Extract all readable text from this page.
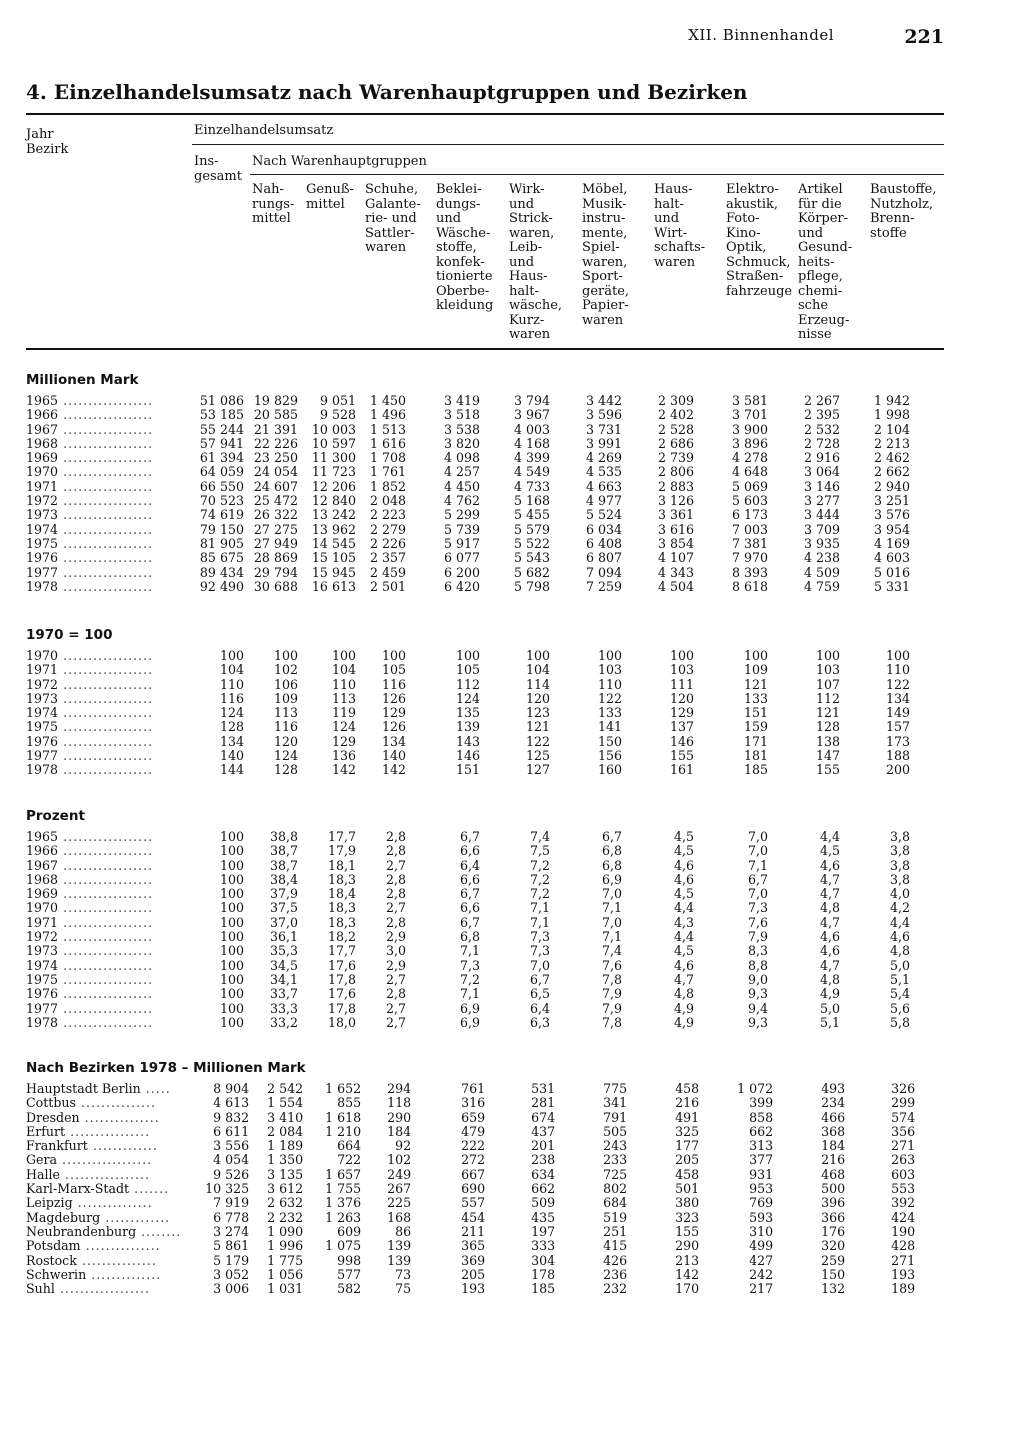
XII. Binnenhandel	221
4. Einzelhandelsumsatz nach Warenhauptgruppen und Bezirken
Jahr
Bezirk
Einzelhandelsumsatz
Ins-
gesamt
Nach Warenhauptgruppen
Nah-
rungs-
mittel
Genuß-
mittel
Schuhe,
Galante-
rie- und
Sattler-
waren
Beklei-
dungs-
und
Wäsche-
stoffe,
konfek-
tionierte
Oberbe-
kleidung
Wirk-
und
Strick-
waren,
Leib-
und
Haus-
halt-
wäsche,
Kurz-
waren
Möbel,
Musik-
instru-
mente,
Spiel-
waren,
Sport-
geräte,
Papier-
waren
Haus-
halt-
und
Wirt-
schafts-
waren
Elektro-
akustik,
Foto-
Kino-
Optik,
Schmuck,
Straßen-
fahrzeuge
Artikel
für die
Körper-
und
Gesund-
heits-
pflege,
chemi-
sche
Erzeug-
nisse
Baustoffe,
Nutzholz,
Brenn-
stoffe
Millionen Mark
1965 ..................	51 086	19 829	9 051	1 450	3 419	3 794	3 442	2 309	3 581	2 267	1 942
1966 ..................	53 185	20 585	9 528	1 496	3 518	3 967	3 596	2 402	3 701	2 395	1 998
1967 ..................	55 244	21 391	10 003	1 513	3 538	4 003	3 731	2 528	3 900	2 532	2 104
1968 ..................	57 941	22 226	10 597	1 616	3 820	4 168	3 991	2 686	3 896	2 728	2 213
1969 ..................	61 394	23 250	11 300	1 708	4 098	4 399	4 269	2 739	4 278	2 916	2 462
1970 ..................	64 059	24 054	11 723	1 761	4 257	4 549	4 535	2 806	4 648	3 064	2 662
1971 ..................	66 550	24 607	12 206	1 852	4 450	4 733	4 663	2 883	5 069	3 146	2 940
1972 ..................	70 523	25 472	12 840	2 048	4 762	5 168	4 977	3 126	5 603	3 277	3 251
1973 ..................	74 619	26 322	13 242	2 223	5 299	5 455	5 524	3 361	6 173	3 444	3 576
1974 ..................	79 150	27 275	13 962	2 279	5 739	5 579	6 034	3 616	7 003	3 709	3 954
1975 ..................	81 905	27 949	14 545	2 226	5 917	5 522	6 408	3 854	7 381	3 935	4 169
1976 ..................	85 675	28 869	15 105	2 357	6 077	5 543	6 807	4 107	7 970	4 238	4 603
1977 ..................	89 434	29 794	15 945	2 459	6 200	5 682	7 094	4 343	8 393	4 509	5 016
1978 ..................	92 490	30 688	16 613	2 501	6 420	5 798	7 259	4 504	8 618	4 759	5 331
1970 = 100
1970 ..................	100	100	100	100	100	100	100	100	100	100	100
1971 ..................	104	102	104	105	105	104	103	103	109	103	110
1972 ..................	110	106	110	116	112	114	110	111	121	107	122
1973 ..................	116	109	113	126	124	120	122	120	133	112	134
1974 ..................	124	113	119	129	135	123	133	129	151	121	149
1975 ..................	128	116	124	126	139	121	141	137	159	128	157
1976 ..................	134	120	129	134	143	122	150	146	171	138	173
1977 ..................	140	124	136	140	146	125	156	155	181	147	188
1978 ..................	144	128	142	142	151	127	160	161	185	155	200
Prozent
1965 ..................	100	38,8	17,7	2,8	6,7	7,4	6,7	4,5	7,0	4,4	3,8
1966 ..................	100	38,7	17,9	2,8	6,6	7,5	6,8	4,5	7,0	4,5	3,8
1967 ..................	100	38,7	18,1	2,7	6,4	7,2	6,8	4,6	7,1	4,6	3,8
1968 ..................	100	38,4	18,3	2,8	6,6	7,2	6,9	4,6	6,7	4,7	3,8
1969 ..................	100	37,9	18,4	2,8	6,7	7,2	7,0	4,5	7,0	4,7	4,0
1970 ..................	100	37,5	18,3	2,7	6,6	7,1	7,1	4,4	7,3	4,8	4,2
1971 ..................	100	37,0	18,3	2,8	6,7	7,1	7,0	4,3	7,6	4,7	4,4
1972 ..................	100	36,1	18,2	2,9	6,8	7,3	7,1	4,4	7,9	4,6	4,6
1973 ..................	100	35,3	17,7	3,0	7,1	7,3	7,4	4,5	8,3	4,6	4,8
1974 ..................	100	34,5	17,6	2,9	7,3	7,0	7,6	4,6	8,8	4,7	5,0
1975 ..................	100	34,1	17,8	2,7	7,2	6,7	7,8	4,7	9,0	4,8	5,1
1976 ..................	100	33,7	17,6	2,8	7,1	6,5	7,9	4,8	9,3	4,9	5,4
1977 ..................	100	33,3	17,8	2,7	6,9	6,4	7,9	4,9	9,4	5,0	5,6
1978 ..................	100	33,2	18,0	2,7	6,9	6,3	7,8	4,9	9,3	5,1	5,8
Nach Bezirken 1978 – Millionen Mark
Hauptstadt Berlin .....	8 904	2 542	1 652	294	761	531	775	458	1 072	493	326
Cottbus ...............	4 613	1 554	855	118	316	281	341	216	399	234	299
Dresden ...............	9 832	3 410	1 618	290	659	674	791	491	858	466	574
Erfurt ................	6 611	2 084	1 210	184	479	437	505	325	662	368	356
Frankfurt .............	3 556	1 189	664	92	222	201	243	177	313	184	271
Gera ..................	4 054	1 350	722	102	272	238	233	205	377	216	263
Halle .................	9 526	3 135	1 657	249	667	634	725	458	931	468	603
Karl-Marx-Stadt .......	10 325	3 612	1 755	267	690	662	802	501	953	500	553
Leipzig ...............	7 919	2 632	1 376	225	557	509	684	380	769	396	392
Magdeburg .............	6 778	2 232	1 263	168	454	435	519	323	593	366	424
Neubrandenburg ........	3 274	1 090	609	86	211	197	251	155	310	176	190
Potsdam ...............	5 861	1 996	1 075	139	365	333	415	290	499	320	428
Rostock ...............	5 179	1 775	998	139	369	304	426	213	427	259	271
Schwerin ..............	3 052	1 056	577	73	205	178	236	142	242	150	193
Suhl ..................	3 006	1 031	582	75	193	185	232	170	217	132	189
